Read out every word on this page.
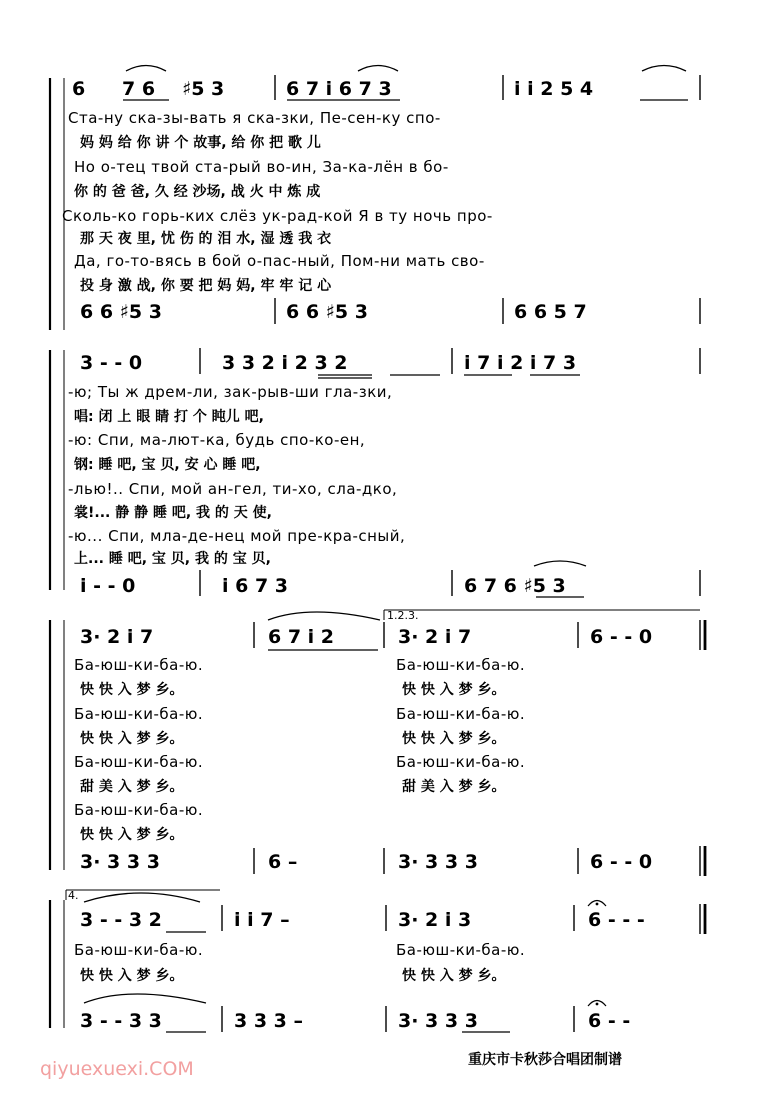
6 7 6 ♯5 3	6 7 i 6 7 3	i i 2 5 4
Ста-ну ска-зы-вать я ска-зки, Пе-сен-ку спо-
妈 妈 给 你 讲 个 故事, 给 你 把 歌 儿
Но о-тец твой ста-рый во-ин, За-ка-лён в бо-
你 的 爸 爸, 久 经 沙场, 战 火 中 炼 成
Сколь-ко горь-ких слёз ук-рад-кой Я в ту ночь про-
那 天 夜 里, 忧 伤 的 泪 水, 湿 透 我 衣
Да, го-то-вясь в бой о-пас-ный, Пом-ни мать сво-
投 身 激 战, 你 要 把 妈 妈, 牢 牢 记 心
6 6 ♯5 3	6 6 ♯5 3	6 6 5 7
3 - - 0	3 3 2 i 2 3 2	i 7 i 2 i 7 3
-ю; Ты ж дрем-ли, зак-рыв-ши гла-зки,
唱: 闭 上 眼 睛 打 个 盹儿 吧,
-ю: Спи, ма-лют-ка, будь спо-ко-ен,
钢: 睡 吧, 宝 贝, 安 心 睡 吧,
-лью!.. Спи, мой ан-гел, ти-хо, сла-дко,
裳!... 静 静 睡 吧, 我 的 天 使,
-ю... Спи, мла-де-нец мой пре-кра-сный,
上... 睡 吧, 宝 贝, 我 的 宝 贝,
i - - 0	i 6 7 3	6 7 6 ♯5 3
1.2.3.
3· 2 i 7	6 7 i 2	3· 2 i 7	6 - - 0
Ба-юш-ки-ба-ю.	Ба-юш-ки-ба-ю.
快 快 入 梦 乡。	快 快 入 梦 乡。
Ба-юш-ки-ба-ю.	Ба-юш-ки-ба-ю.
快 快 入 梦 乡。	快 快 入 梦 乡。
Ба-юш-ки-ба-ю.	Ба-юш-ки-ба-ю.
甜 美 入 梦 乡。	甜 美 入 梦 乡。
Ба-юш-ки-ба-ю.
快 快 入 梦 乡。
3· 3 3 3	6 –	3· 3 3 3	6 - - 0
4.
3 - - 3 2	i i 7 –	3· 2 i 3	6 - - -
Ба-юш-ки-ба-ю.	Ба-юш-ки-ба-ю.
快 快 入 梦 乡。	快 快 入 梦 乡。
3 - - 3 3	3 3 3 –	3· 3 3 3	6 - -
qiyuexuexi.COM	重庆市卡秋莎合唱团制谱
